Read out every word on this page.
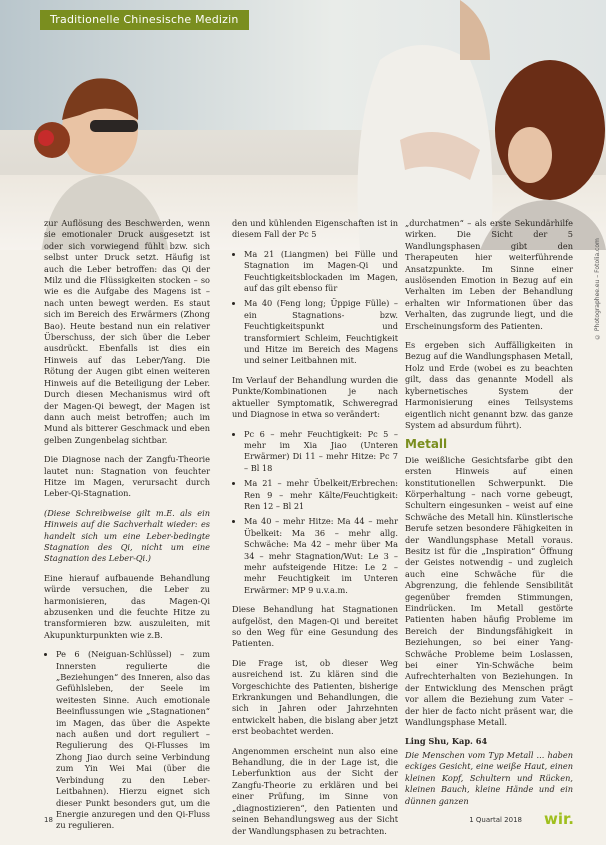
Traditionelle Chinesische Medizin
© Photographee.eu – Fotolia.com

zur Auflösung des Beschwerden, wenn sie emotionaler Druck ausgesetzt ist oder sich vorwiegend fühlt bzw. sich selbst unter Druck setzt. Häufig ist auch die Leber betroffen: das Qi der Milz und die Flüssigkeiten stocken – so wie es die Aufgabe des Magens ist – nach unten bewegt werden. Es staut sich im Bereich des Erwärmers (Zhong Bao). Heute bestand nun ein relativer Überschuss, der sich über die Leber ausdrückt. Ebenfalls ist dies ein Hinweis auf das Leber/Yang. Die Rötung der Augen gibt einen weiteren Hinweis auf die Beteiligung der Leber. Durch diesen Mechanismus wird oft der Magen-Qi bewegt, der Magen ist dann auch meist betroffen; auch im Mund als bitterer Geschmack und eben gelben Zungenbelag sichtbar.

Die Diagnose nach der Zangfu-Theorie lautet nun: Stagnation von feuchter Hitze im Magen, verursacht durch Leber-Qi-Stagnation.

(Diese Schreibweise gilt m.E. als ein Hinweis auf die Sachverhalt wieder: es handelt sich um eine Leber-bedingte Stagnation des Qi, nicht um eine Stagnation des Leber-Qi.)

Eine hierauf aufbauende Behandlung würde versuchen, die Leber zu harmonisieren, das Magen-Qi abzusenken und die feuchte Hitze zu transformieren bzw. auszuleiten, mit Akupunkturpunkten wie z.B.

• Pe 6 (Neiguan-Schlüssel) – zum Innersten regulierte die „Beziehungen“ des Inneren, also das Gefühlsleben, der Seele im weitesten Sinne. Auch emotionale Beeinflussungen wie „Stagnationen“ im Magen, das über die Aspekte nach außen und dort reguliert – Regulierung des Qi-Flusses im Zhong Jiao durch seine Verbindung zum Yin Wei Mai (über die Verbindung zu den Leber-Leitbahnen). Hierzu eignet sich dieser Punkt besonders gut, um die Energie anzuregen und den Qi-Fluss zu regulieren.

den und kühlenden Eigenschaften ist in diesem Fall der Pc 5

• Ma 21 (Liangmen) bei Fülle und Stagnation im Magen-Qi und Feuchtigkeitsblockaden im Magen, auf das gilt ebenso für
• Ma 40 (Feng long; Üppige Fülle) – ein Stagnations- bzw. Feuchtigkeitspunkt und transformiert Schleim, Feuchtigkeit und Hitze im Bereich des Magens und seiner Leitbahnen mit.

Im Verlauf der Behandlung wurden die Punkte/Kombinationen je nach aktueller Symptomatik, Schweregrad und Diagnose in etwa so verändert:

• Pc 6 – mehr Feuchtigkeit: Pc 5 – mehr im Xia Jiao (Unteren Erwärmer) Di 11 – mehr Hitze: Pc 7 – Bl 18
• Ma 21 – mehr Übelkeit/Erbrechen: Ren 9 – mehr Kälte/Feuchtigkeit: Ren 12 – Bl 21
• Ma 40 – mehr Hitze: Ma 44 – mehr Übelkeit: Ma 36 – mehr allg. Schwäche: Ma 42 – mehr über Ma 34 – mehr Stagnation/Wut: Le 3 – mehr aufsteigende Hitze: Le 2 – mehr Feuchtigkeit im Unteren Erwärmer: MP 9 u.v.a.m.

Diese Behandlung hat Stagnationen aufgelöst, den Magen-Qi und bereitet so den Weg für eine Gesundung des Patienten.

Die Frage ist, ob dieser Weg ausreichend ist. Zu klären sind die Vorgeschichte des Patienten, bisherige Erkrankungen und Behandlungen, die sich in Jahren oder Jahrzehnten entwickelt haben, die bislang aber jetzt erst beobachtet werden.

Angenommen erscheint nun also eine Behandlung, die in der Lage ist, die Leberfunktion aus der Sicht der Zangfu-Theorie zu erklären und bei einer Prüfung, im Sinne von „diagnostizieren“, den Patienten und seinen Behandlungsweg aus der Sicht der Wandlungsphasen zu betrachten.

„durchatmen“ – als erste Sekundärhilfe wirken. Die Sicht der 5 Wandlungsphasen gibt den Therapeuten hier weiterführende Ansatzpunkte. Im Sinne einer auslösenden Emotion in Bezug auf ein Verhalten im Leben der Behandlung erhalten wir Informationen über das Verhalten, das zugrunde liegt, und die Erscheinungsform des Patienten.

Es ergeben sich Auffälligkeiten in Bezug auf die Wandlungsphasen Metall, Holz und Erde (wobei es zu beachten gilt, dass das genannte Modell als kybernetisches System der Harmonisierung eines Teilsystems eigentlich nicht genannt bzw. das ganze System ad absurdum führt).

Metall

Die weißliche Gesichtsfarbe gibt den ersten Hinweis auf einen konstitutionellen Schwerpunkt. Die Körperhaltung – nach vorne gebeugt, Schultern eingesunken – weist auf eine Schwäche des Metall hin. Künstlerische Berufe setzen besondere Fähigkeiten in der Wandlungsphase Metall voraus. Besitz ist für die „Inspiration“ Öffnung der Geistes notwendig – und zugleich auch eine Schwäche für die Abgrenzung, die fehlende Sensibilität gegenüber fremden Stimmungen, Eindrücken. Im Metall gestörte Patienten haben häufig Probleme im Bereich der Bindungsfähigkeit in Beziehungen, so bei einer Yang-Schwäche Probleme beim Loslassen, bei einer Yin-Schwäche beim Aufrechterhalten von Beziehungen. In der Entwicklung des Menschen prägt vor allem die Beziehung zum Vater – der hier de facto nicht präsent war, die Wandlungsphase Metall.

Ling Shu, Kap. 64

Die Menschen vom Typ Metall ... haben eckiges Gesicht, eine weiße Haut, einen kleinen Kopf, Schultern und Rücken, kleinen Bauch, kleine Hände und ein dünnen ganzen

18	1 Quartal 2018 wir.
